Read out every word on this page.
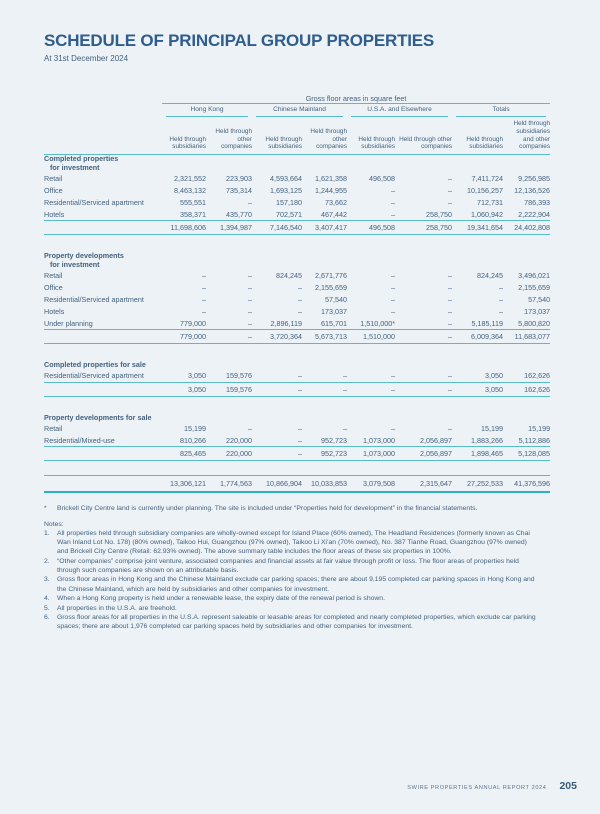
SCHEDULE OF PRINCIPAL GROUP PROPERTIES
At 31st December 2024
	Gross floor areas in square feet							

	Hong Kong		Chinese Mainland		U.S.A. and Elsewhere		Totals	

	Held through subsidiaries	Held through other companies	Held through subsidiaries	Held through other companies	Held through subsidiaries	Held through other companies	Held through subsidiaries	Held through subsidiaries and other companies

Completed properties
for investment								

Retail	2,321,552	223,903	4,593,664	1,621,358	496,508	–	7,411,724	9,256,985
Office	8,463,132	735,314	1,693,125	1,244,955	–	–	10,156,257	12,136,526
Residential/Serviced apartment	555,551	–	157,180	73,662	–	–	712,731	786,393
Hotels	358,371	435,770	702,571	467,442	–	258,750	1,060,942	2,222,904
	11,698,606	1,394,987	7,146,540	3,407,417	496,508	258,750	19,341,654	24,402,808

Property developments
for investment								

Retail	–	–	824,245	2,671,776	–	–	824,245	3,496,021
Office	–	–	–	2,155,659	–	–	–	2,155,659
Residential/Serviced apartment	–	–	–	57,540	–	–	–	57,540
Hotels	–	–	–	173,037	–	–	–	173,037
Under planning	779,000	–	2,896,119	615,701	1,510,000*	–	5,185,119	5,800,820
	779,000	–	3,720,364	5,673,713	1,510,000	–	6,009,364	11,683,077

Completed properties for sale								

Residential/Serviced apartment	3,050	159,576	–	–	–	–	3,050	162,626
	3,050	159,576	–	–	–	–	3,050	162,626

Property developments for sale								

Retail	15,199	–	–	–	–	–	15,199	15,199
Residential/Mixed-use	810,266	220,000	–	952,723	1,073,000	2,056,897	1,883,266	5,112,886
	825,465	220,000	–	952,723	1,073,000	2,056,897	1,898,465	5,128,085

	13,306,121	1,774,563	10,866,904	10,033,853	3,079,508	2,315,647	27,252,533	41,376,596
* Brickell City Centre land is currently under planning. The site is included under “Properties held for development” in the financial statements.
Notes:
1. All properties held through subsidiary companies are wholly-owned except for Island Place (60% owned), The Headland Residences (formerly known as Chai Wan Inland Lot No. 178) (80% owned), Taikoo Hui, Guangzhou (97% owned), Taikoo Li Xi’an (70% owned), No. 387 Tianhe Road, Guangzhou (97% owned) and Brickell City Centre (Retail: 62.93% owned). The above summary table includes the floor areas of these six properties in 100%.
2. “Other companies” comprise joint venture, associated companies and financial assets at fair value through profit or loss. The floor areas of properties held through such companies are shown on an attributable basis.
3. Gross floor areas in Hong Kong and the Chinese Mainland exclude car parking spaces; there are about 9,195 completed car parking spaces in Hong Kong and the Chinese Mainland, which are held by subsidiaries and other companies for investment.
4. When a Hong Kong property is held under a renewable lease, the expiry date of the renewal period is shown.
5. All properties in the U.S.A. are freehold.
6. Gross floor areas for all properties in the U.S.A. represent saleable or leasable areas for completed and nearly completed properties, which exclude car parking spaces; there are about 1,976 completed car parking spaces held by subsidiaries and other companies for investment.
SWIRE PROPERTIES ANNUAL REPORT 2024 205
